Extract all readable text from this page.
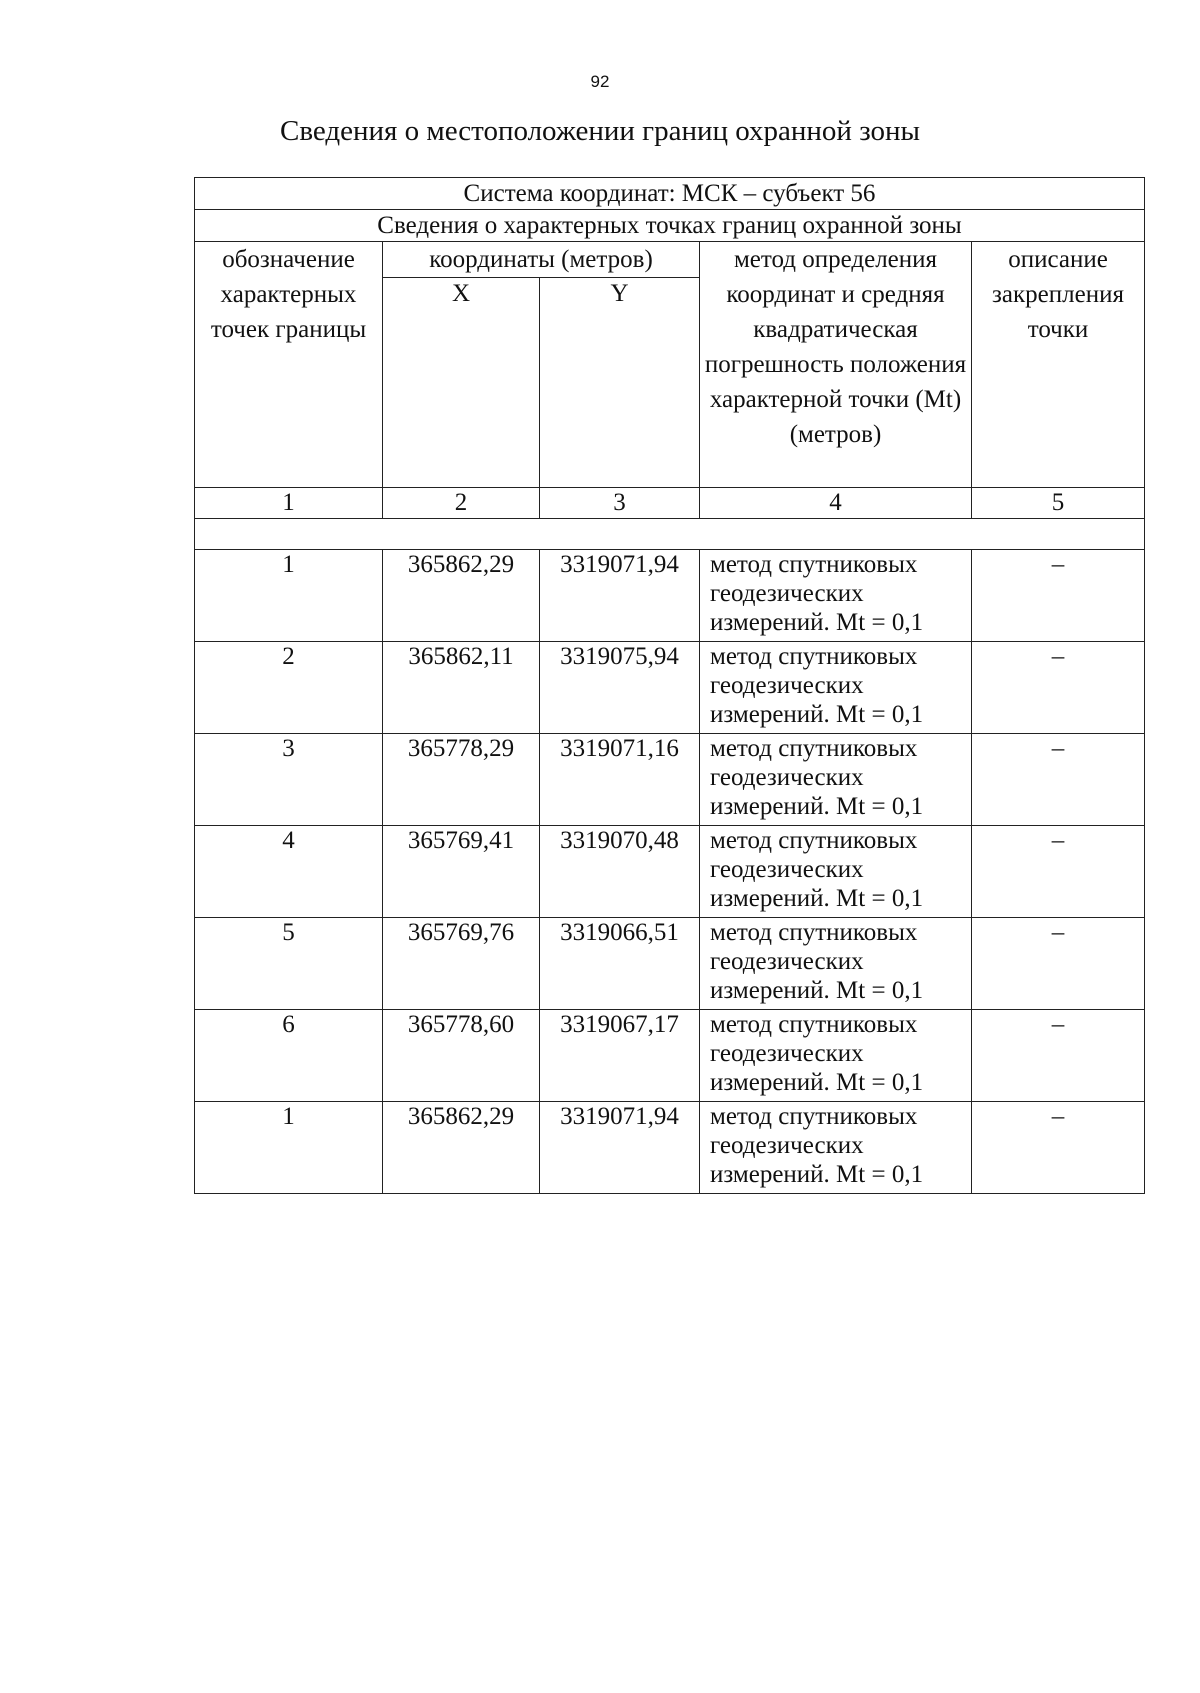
92
Сведения о местоположении границ охранной зоны
Система координат: МСК – субъект 56				
Сведения о характерных точках границ охранной зоны				
обозначение характерных точек границы	координаты (метров)		метод определения координат и средняя квадратическая погрешность положения характерной точки (Mt) (метров)	описание закрепления точки
	X	Y		
1	2	3	4	5

1	365862,29	3319071,94	метод спутниковых геодезических измерений. Mt = 0,1	–
2	365862,11	3319075,94	метод спутниковых геодезических измерений. Mt = 0,1	–
3	365778,29	3319071,16	метод спутниковых геодезических измерений. Mt = 0,1	–
4	365769,41	3319070,48	метод спутниковых геодезических измерений. Mt = 0,1	–
5	365769,76	3319066,51	метод спутниковых геодезических измерений. Mt = 0,1	–
6	365778,60	3319067,17	метод спутниковых геодезических измерений. Mt = 0,1	–
1	365862,29	3319071,94	метод спутниковых геодезических измерений. Mt = 0,1	–
